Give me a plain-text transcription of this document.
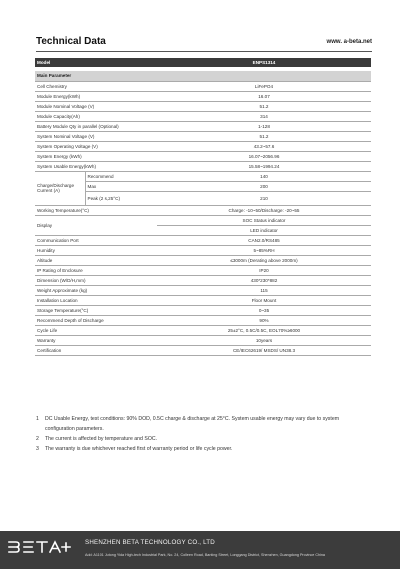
Technical Data	www. a-beta.net
Model		ENPS1314

Main Parameter		
Cell Chemistry		LiFePO4
Module Energy(kWh)		16.07
Module Nominal Voltage (V)		51.2
Module Capacity(Ah)		314
Battery Module Qty in parallel (Optional)		1-128
System Nominal Voltage (V)		51.2
System Operating Voltage (V)		43.2~57.6
System Energy (kWh)		16.07~2056.96
System Usable Energy(kWh)		15.58~1994.24
Charge/Discharge Current (A)	Recommend	140
	Max	200
	Peak (2 s,25°C)	210
Working Temperature(°C)		Charge: -10~50/Discharge: -20~55
Display		SOC Status indicator
		LED indicator
Communication Port		CAN2.0/RS485
Humidity		5~85%RH
Altitude		≤3000m (Derating above 2000m)
IP Rating of Enclosure		IP20
Dimension (W/D/H,mm)		430*230*882
Weight Approximate (kg)		115
Installation Location		Floor Mount
Storage Temperature(°C)		0~35
Recommend Depth of Discharge		90%
Cycle Life		25±2°C, 0.5C/0.5C, EOL70%≥6000
Warranty		10years
Certification		CE/IEC62619/ MSDS/ UN38.3
1 DC Usable Energy, test conditions: 90% DOD, 0.5C charge & discharge at 25°C. System usable energy may vary due to system
configuration parameters.
2 The current is affected by temperature and SOC.
3 The warranty is due whichever reached first of warranty period or life cycle power.
SHENZHEN BETA TECHNOLOGY CO., LTD
Add: A1101 Jutong Yida High-tech Industrial Park, No. 24, Colleen Road, Banting Street, Longgang District, Shenzhen, Guangdong Province China
